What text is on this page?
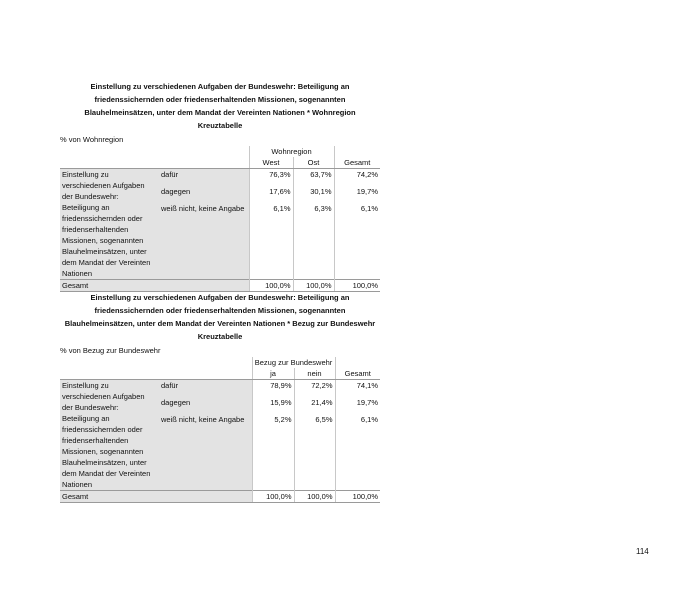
Einstellung zu verschiedenen Aufgaben der Bundeswehr: Beteiligung an friedenssichernden oder friedenserhaltenden Missionen, sogenannten Blauhelmeinsätzen, unter dem Mandat der Vereinten Nationen * Wohnregion Kreuztabelle
% von Wohnregion
		Wohnregion		
		West	Ost	Gesamt
Einstellung zu verschiedenen Aufgaben der Bundeswehr: Beteiligung an friedenssichernden oder friedenserhaltenden Missionen, sogenannten Blauhelmeinsätzen, unter dem Mandat der Vereinten Nationen	dafür	76,3%	63,7%	74,2%
	dagegen	17,6%	30,1%	19,7%
	weiß nicht, keine Angabe	6,1%	6,3%	6,1%
Gesamt		100,0%	100,0%	100,0%
Einstellung zu verschiedenen Aufgaben der Bundeswehr: Beteiligung an friedenssichernden oder friedenserhaltenden Missionen, sogenannten Blauhelmeinsätzen, unter dem Mandat der Vereinten Nationen * Bezug zur Bundeswehr Kreuztabelle
% von Bezug zur Bundeswehr
		Bezug zur Bundeswehr		
		ja	nein	Gesamt
Einstellung zu verschiedenen Aufgaben der Bundeswehr: Beteiligung an friedenssichernden oder friedenserhaltenden Missionen, sogenannten Blauhelmeinsätzen, unter dem Mandat der Vereinten Nationen	dafür	78,9%	72,2%	74,1%
	dagegen	15,9%	21,4%	19,7%
	weiß nicht, keine Angabe	5,2%	6,5%	6,1%
Gesamt		100,0%	100,0%	100,0%
114
